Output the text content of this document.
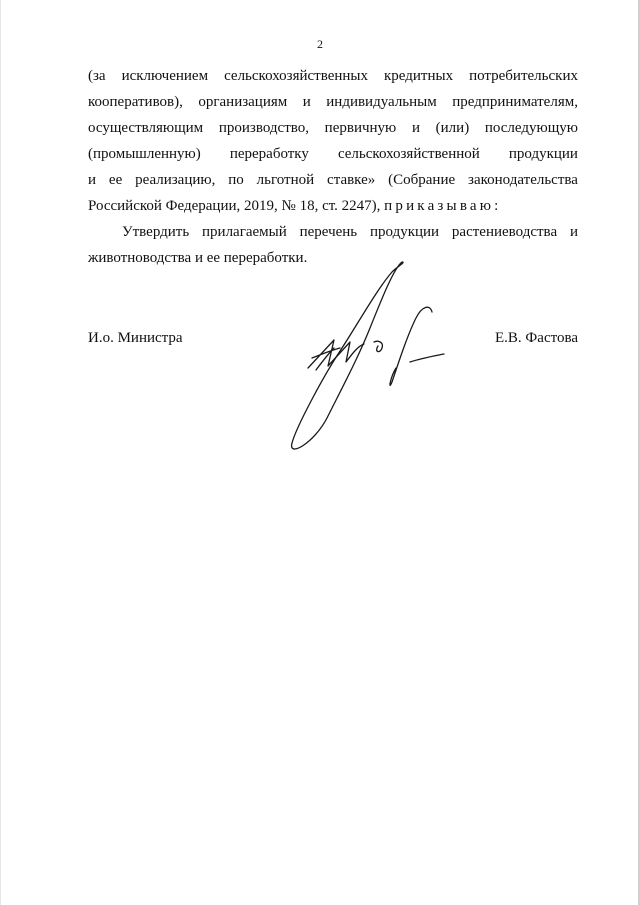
2
(за исключением сельскохозяйственных кредитных потребительских
кооперативов), организациям и индивидуальным предпринимателям,
осуществляющим производство, первичную и (или) последующую
(промышленную) переработку сельскохозяйственной продукции
и ее реализацию, по льготной ставке» (Собрание законодательства
Российской Федерации, 2019, № 18, ст. 2247), приказываю:
Утвердить прилагаемый перечень продукции растениеводства и
животноводства и ее переработки.
И.о. Министра	Е.В. Фастова
